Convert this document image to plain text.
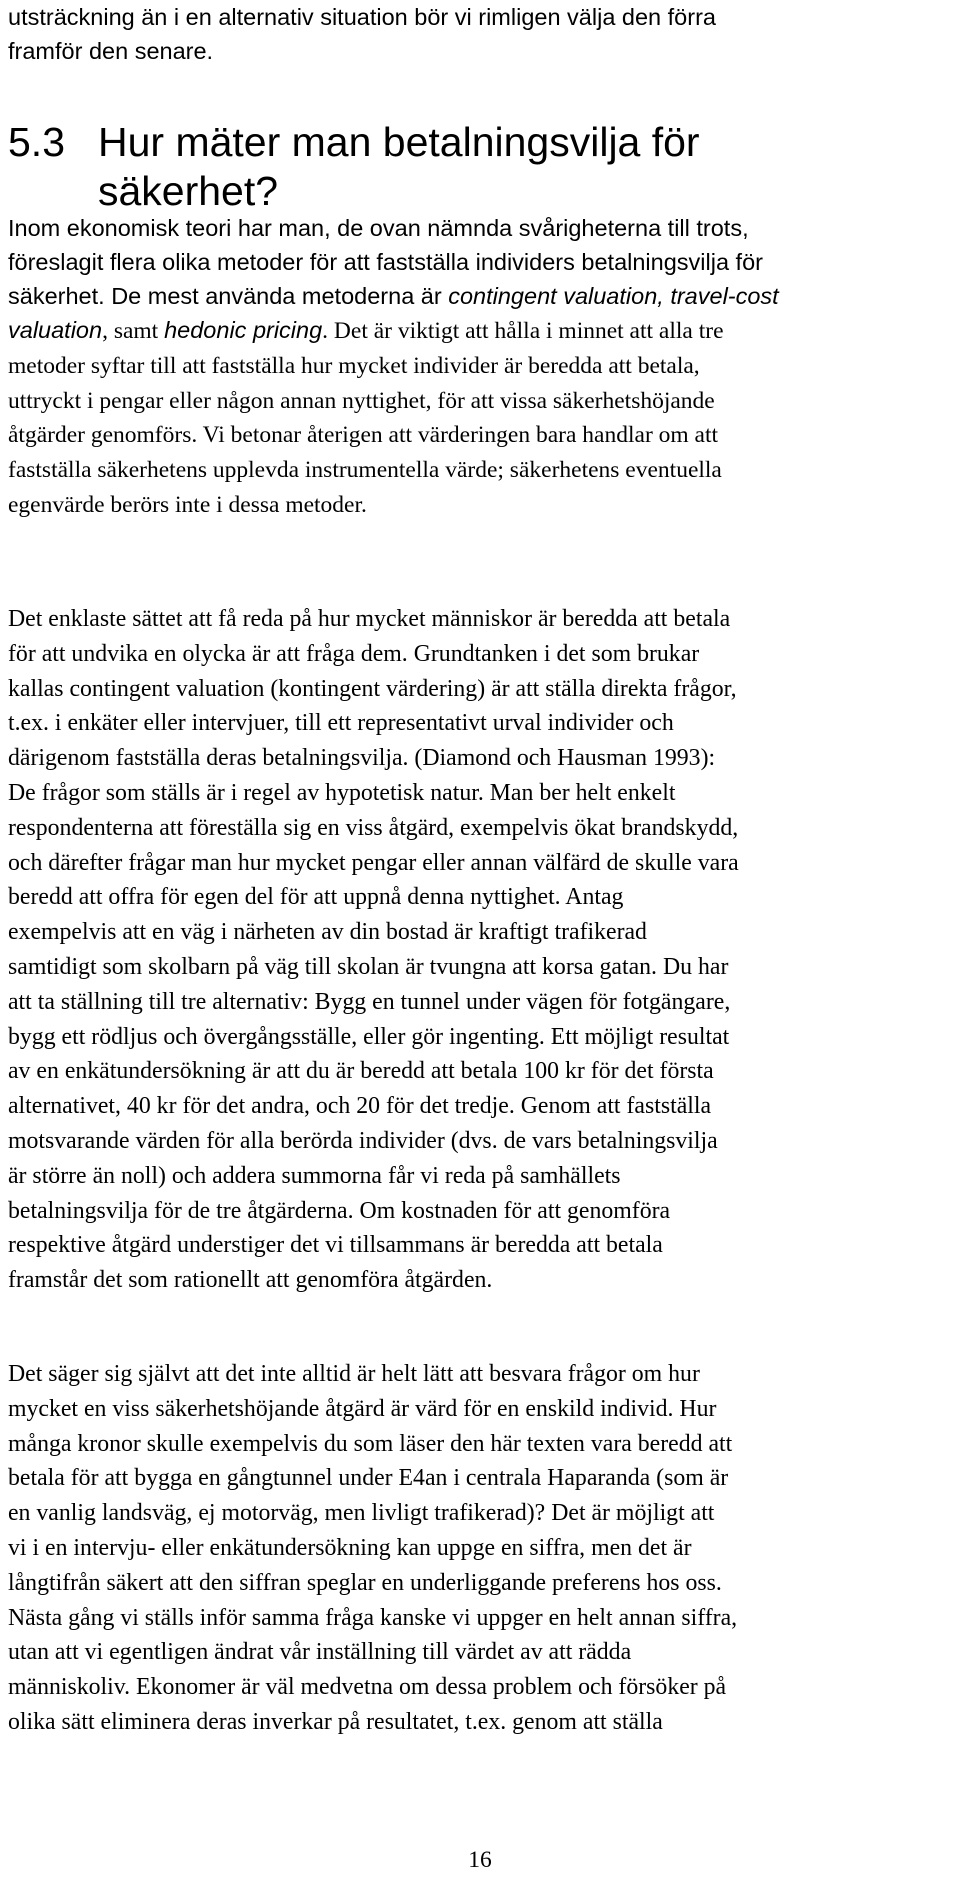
utsträckning än i en alternativ situation bör vi rimligen välja den förra
framför den senare.
5.3 Hur mäter man betalningsvilja för
säkerhet?
Inom ekonomisk teori har man, de ovan nämnda svårigheterna till trots,
föreslagit flera olika metoder för att fastställa individers betalningsvilja för
säkerhet. De mest använda metoderna är contingent valuation, travel-cost
valuation, samt hedonic pricing. Det är viktigt att hålla i minnet att alla tre
metoder syftar till att fastställa hur mycket individer är beredda att betala,
uttryckt i pengar eller någon annan nyttighet, för att vissa säkerhetshöjande
åtgärder genomförs. Vi betonar återigen att värderingen bara handlar om att
fastställa säkerhetens upplevda instrumentella värde; säkerhetens eventuella
egenvärde berörs inte i dessa metoder.
Det enklaste sättet att få reda på hur mycket människor är beredda att betala
för att undvika en olycka är att fråga dem. Grundtanken i det som brukar
kallas contingent valuation (kontingent värdering) är att ställa direkta frågor,
t.ex. i enkäter eller intervjuer, till ett representativt urval individer och
därigenom fastställa deras betalningsvilja. (Diamond och Hausman 1993):
De frågor som ställs är i regel av hypotetisk natur. Man ber helt enkelt
respondenterna att föreställa sig en viss åtgärd, exempelvis ökat brandskydd,
och därefter frågar man hur mycket pengar eller annan välfärd de skulle vara
beredd att offra för egen del för att uppnå denna nyttighet. Antag
exempelvis att en väg i närheten av din bostad är kraftigt trafikerad
samtidigt som skolbarn på väg till skolan är tvungna att korsa gatan. Du har
att ta ställning till tre alternativ: Bygg en tunnel under vägen för fotgängare,
bygg ett rödljus och övergångsställe, eller gör ingenting. Ett möjligt resultat
av en enkätundersökning är att du är beredd att betala 100 kr för det första
alternativet, 40 kr för det andra, och 20 för det tredje. Genom att fastställa
motsvarande värden för alla berörda individer (dvs. de vars betalningsvilja
är större än noll) och addera summorna får vi reda på samhällets
betalningsvilja för de tre åtgärderna. Om kostnaden för att genomföra
respektive åtgärd understiger det vi tillsammans är beredda att betala
framstår det som rationellt att genomföra åtgärden.
Det säger sig självt att det inte alltid är helt lätt att besvara frågor om hur
mycket en viss säkerhetshöjande åtgärd är värd för en enskild individ. Hur
många kronor skulle exempelvis du som läser den här texten vara beredd att
betala för att bygga en gångtunnel under E4an i centrala Haparanda (som är
en vanlig landsväg, ej motorväg, men livligt trafikerad)? Det är möjligt att
vi i en intervju- eller enkätundersökning kan uppge en siffra, men det är
långtifrån säkert att den siffran speglar en underliggande preferens hos oss.
Nästa gång vi ställs inför samma fråga kanske vi uppger en helt annan siffra,
utan att vi egentligen ändrat vår inställning till värdet av att rädda
människoliv. Ekonomer är väl medvetna om dessa problem och försöker på
olika sätt eliminera deras inverkar på resultatet, t.ex. genom att ställa
16
